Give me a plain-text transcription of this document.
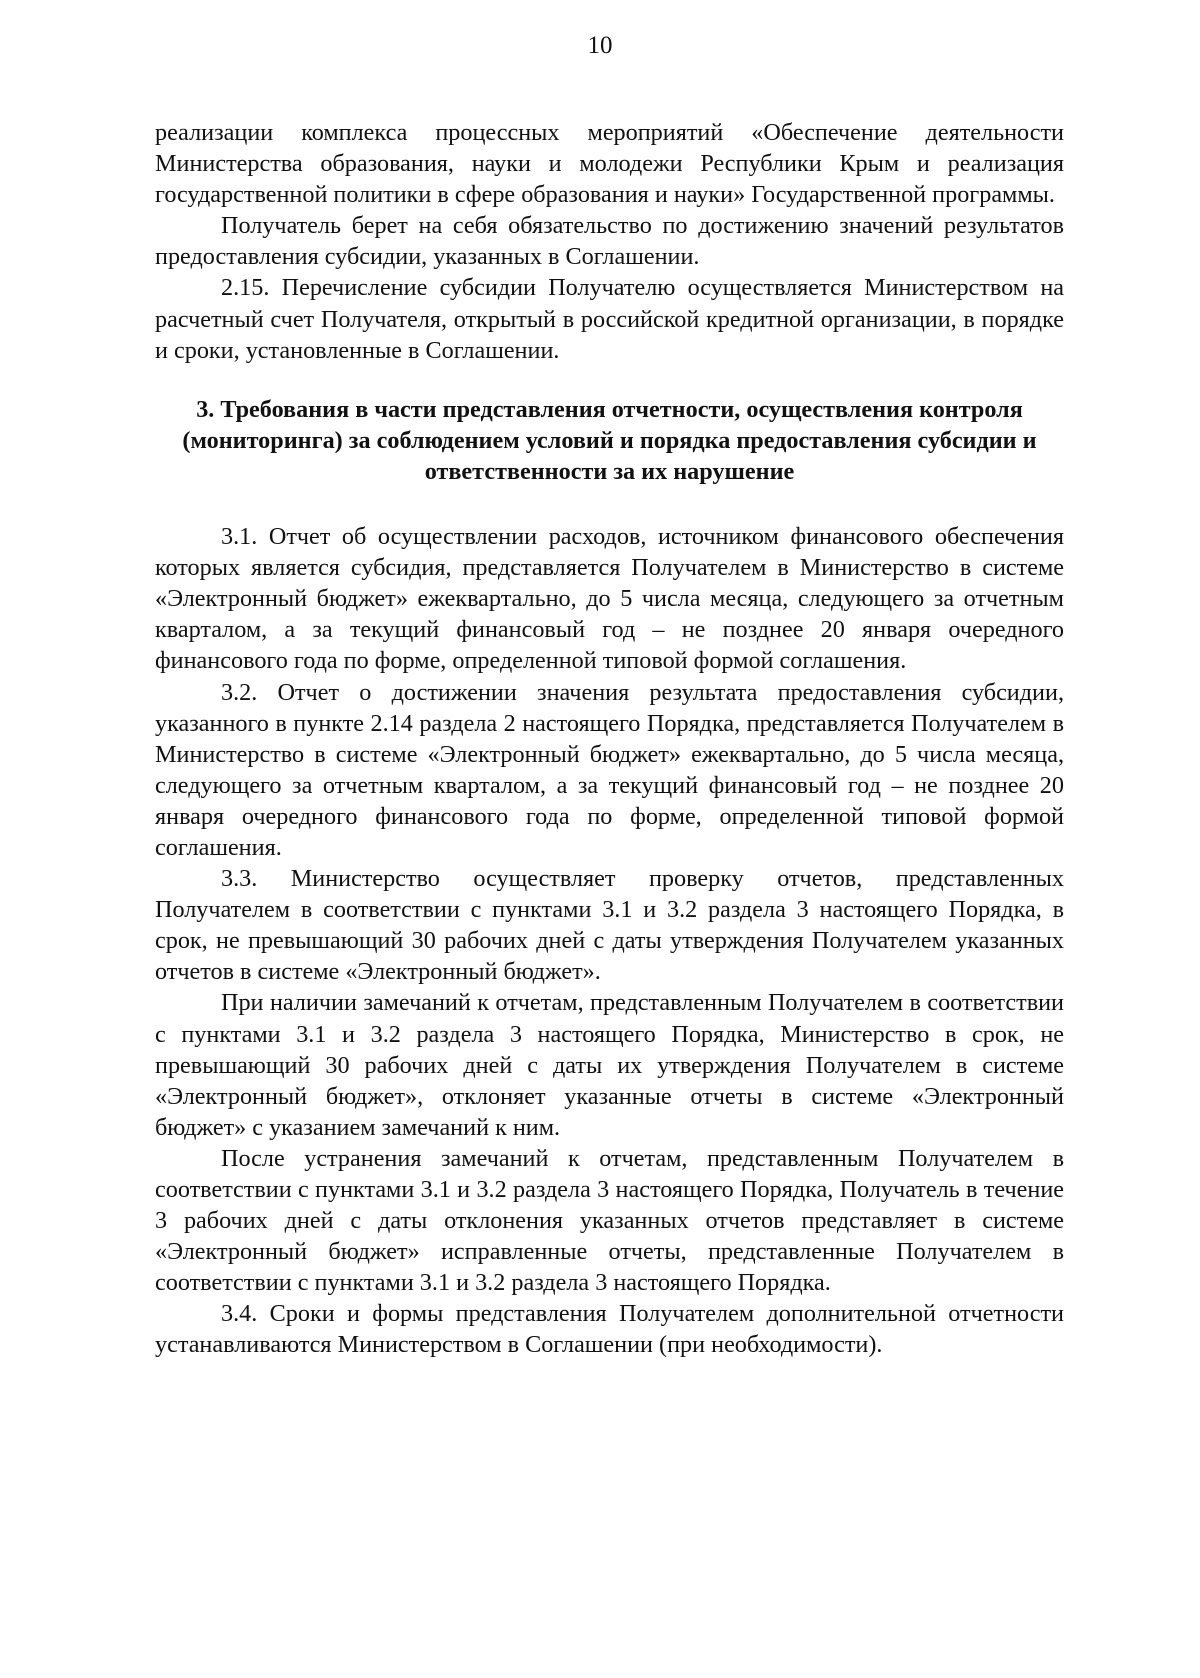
10

реализации комплекса процессных мероприятий «Обеспечение деятельности Министерства образования, науки и молодежи Республики Крым и реализация государственной политики в сфере образования и науки» Государственной программы.

Получатель берет на себя обязательство по достижению значений результатов предоставления субсидии, указанных в Соглашении.

2.15. Перечисление субсидии Получателю осуществляется Министерством на расчетный счет Получателя, открытый в российской кредитной организации, в порядке и сроки, установленные в Соглашении.

3. Требования в части представления отчетности, осуществления контроля (мониторинга) за соблюдением условий и порядка предоставления субсидии и ответственности за их нарушение

3.1. Отчет об осуществлении расходов, источником финансового обеспечения которых является субсидия, представляется Получателем в Министерство в системе «Электронный бюджет» ежеквартально, до 5 числа месяца, следующего за отчетным кварталом, а за текущий финансовый год – не позднее 20 января очередного финансового года по форме, определенной типовой формой соглашения.

3.2. Отчет о достижении значения результата предоставления субсидии, указанного в пункте 2.14 раздела 2 настоящего Порядка, представляется Получателем в Министерство в системе «Электронный бюджет» ежеквартально, до 5 числа месяца, следующего за отчетным кварталом, а за текущий финансовый год – не позднее 20 января очередного финансового года по форме, определенной типовой формой соглашения.

3.3. Министерство осуществляет проверку отчетов, представленных Получателем в соответствии с пунктами 3.1 и 3.2 раздела 3 настоящего Порядка, в срок, не превышающий 30 рабочих дней с даты утверждения Получателем указанных отчетов в системе «Электронный бюджет».

При наличии замечаний к отчетам, представленным Получателем в соответствии с пунктами 3.1 и 3.2 раздела 3 настоящего Порядка, Министерство в срок, не превышающий 30 рабочих дней с даты их утверждения Получателем в системе «Электронный бюджет», отклоняет указанные отчеты в системе «Электронный бюджет» с указанием замечаний к ним.

После устранения замечаний к отчетам, представленным Получателем в соответствии с пунктами 3.1 и 3.2 раздела 3 настоящего Порядка, Получатель в течение 3 рабочих дней с даты отклонения указанных отчетов представляет в системе «Электронный бюджет» исправленные отчеты, представленные Получателем в соответствии с пунктами 3.1 и 3.2 раздела 3 настоящего Порядка.

3.4. Сроки и формы представления Получателем дополнительной отчетности устанавливаются Министерством в Соглашении (при необходимости).
